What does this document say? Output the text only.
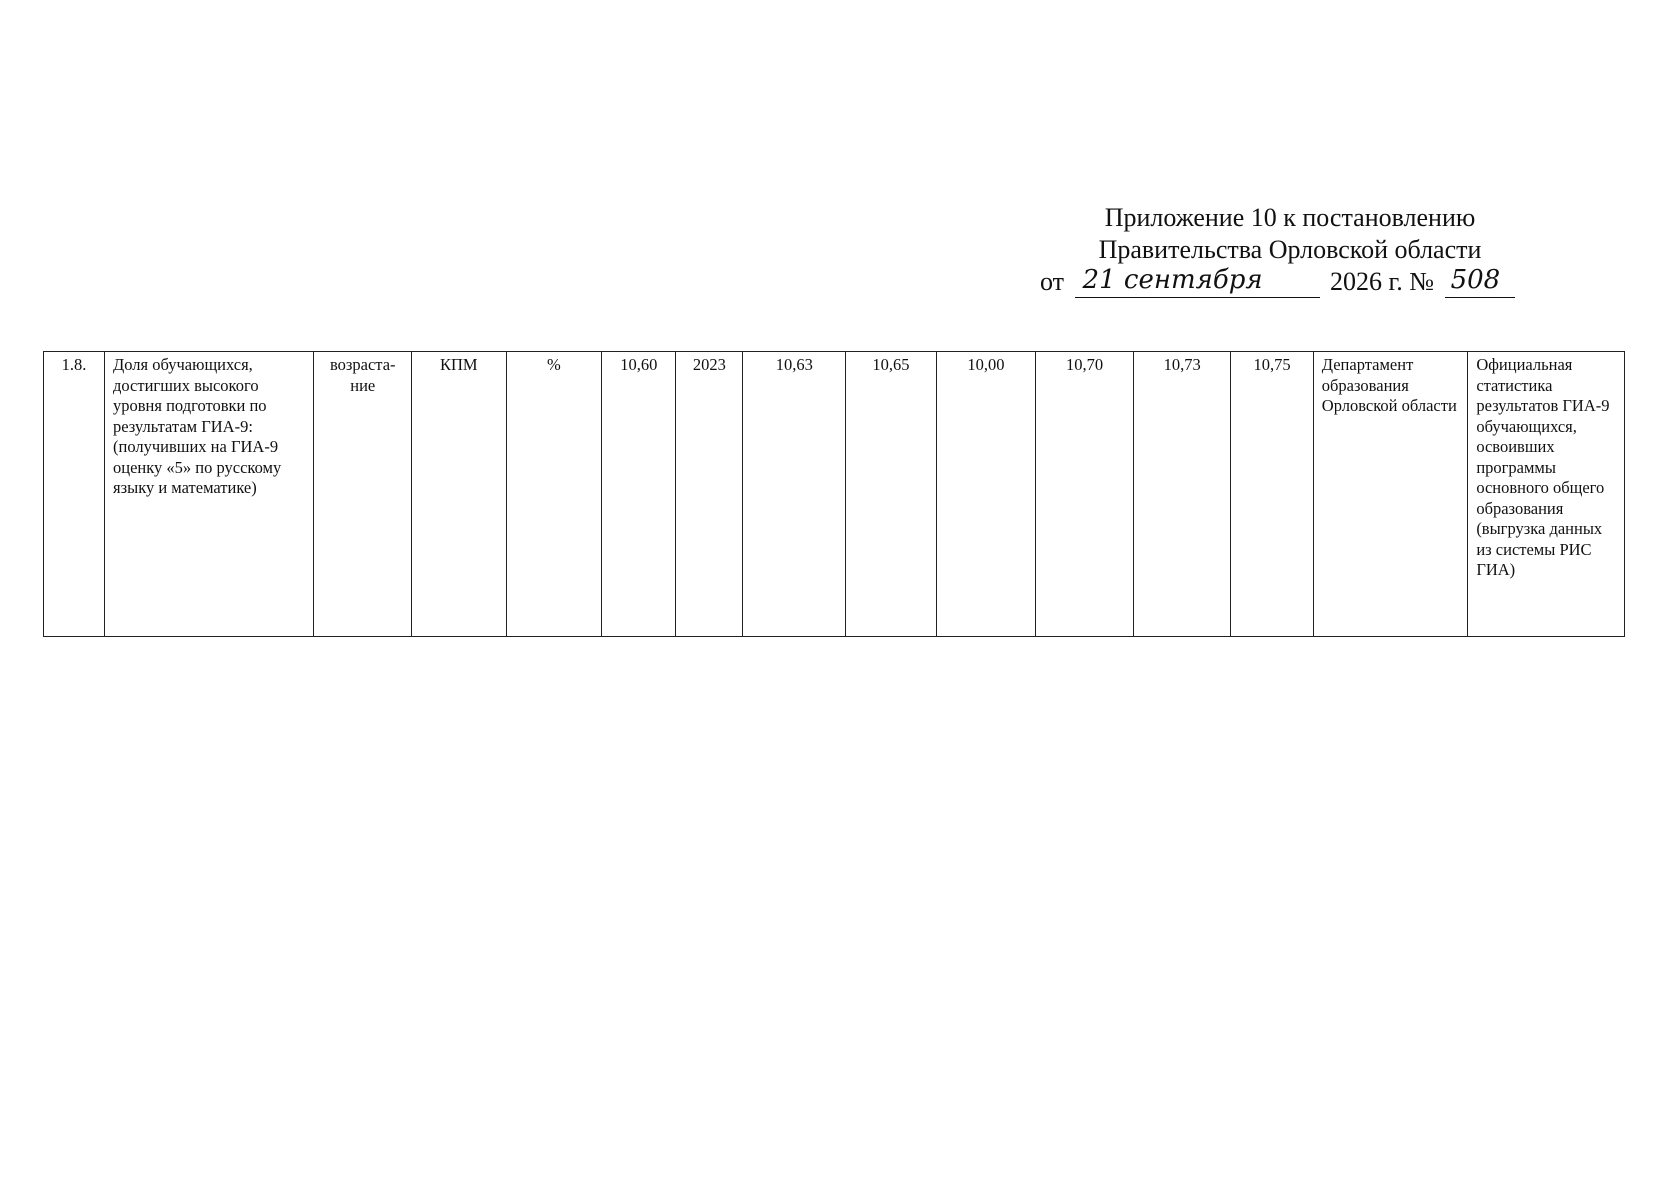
Приложение 10 к постановлению
Правительства Орловской области
от 21 сентября	2026 г. № 508
1.8.	Доля обучающихся, достигших высокого уровня подготовки по результатам ГИА-9: (получивших на ГИА-9 оценку «5» по русскому языку и математике)	возраста-ние	КПМ	%	10,60	2023	10,63	10,65	10,00	10,70	10,73	10,75	Департамент образования Орловской области	Официальная статистика результатов ГИА-9 обучающихся, освоивших программы основного общего образования (выгрузка данных из системы РИС ГИА)
